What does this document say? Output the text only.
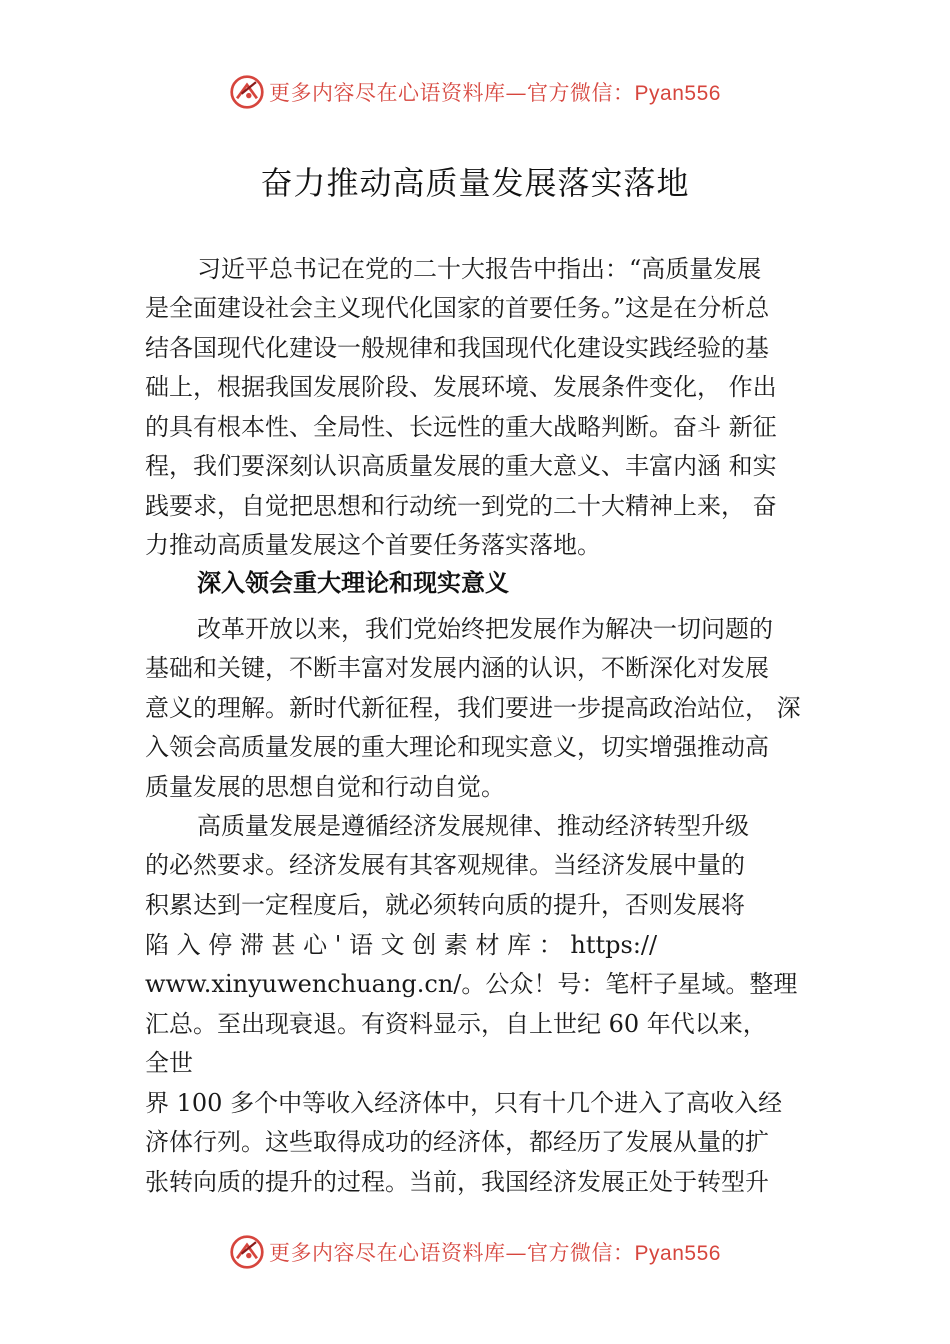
更多内容尽在心语资料库—官方微信：Pyan556
奋力推动高质量发展落实落地
习近平总书记在党的二十大报告中指出：“高质量发展
是全面建设社会主义现代化国家的首要任务。”这是在分析总
结各国现代化建设一般规律和我国现代化建设实践经验的基
础上，根据我国发展阶段、发展环境、发展条件变化， 作出
的具有根本性、全局性、长远性的重大战略判断。奋斗 新征
程，我们要深刻认识高质量发展的重大意义、丰富内涵 和实
践要求，自觉把思想和行动统一到党的二十大精神上来， 奋
力推动高质量发展这个首要任务落实落地。
深入领会重大理论和现实意义
改革开放以来，我们党始终把发展作为解决一切问题的
基础和关键，不断丰富对发展内涵的认识，不断深化对发展
意义的理解。新时代新征程，我们要进一步提高政治站位， 深
入领会高质量发展的重大理论和现实意义，切实增强推动高
质量发展的思想自觉和行动自觉。
高质量发展是遵循经济发展规律、推动经济转型升级
的必然要求。经济发展有其客观规律。当经济发展中量的
积累达到一定程度后，就必须转向质的提升，否则发展将
陷 入 停 滞 甚 心 ' 语 文 创 素 材 库 ： https://
www.xinyuwenchuang.cn/。公众！号：笔杆子星域。整理
汇总。至出现衰退。有资料显示，自上世纪 60 年代以来，
全世
界 100 多个中等收入经济体中，只有十几个进入了高收入经
济体行列。这些取得成功的经济体，都经历了发展从量的扩
张转向质的提升的过程。当前，我国经济发展正处于转型升
更多内容尽在心语资料库—官方微信：Pyan556
